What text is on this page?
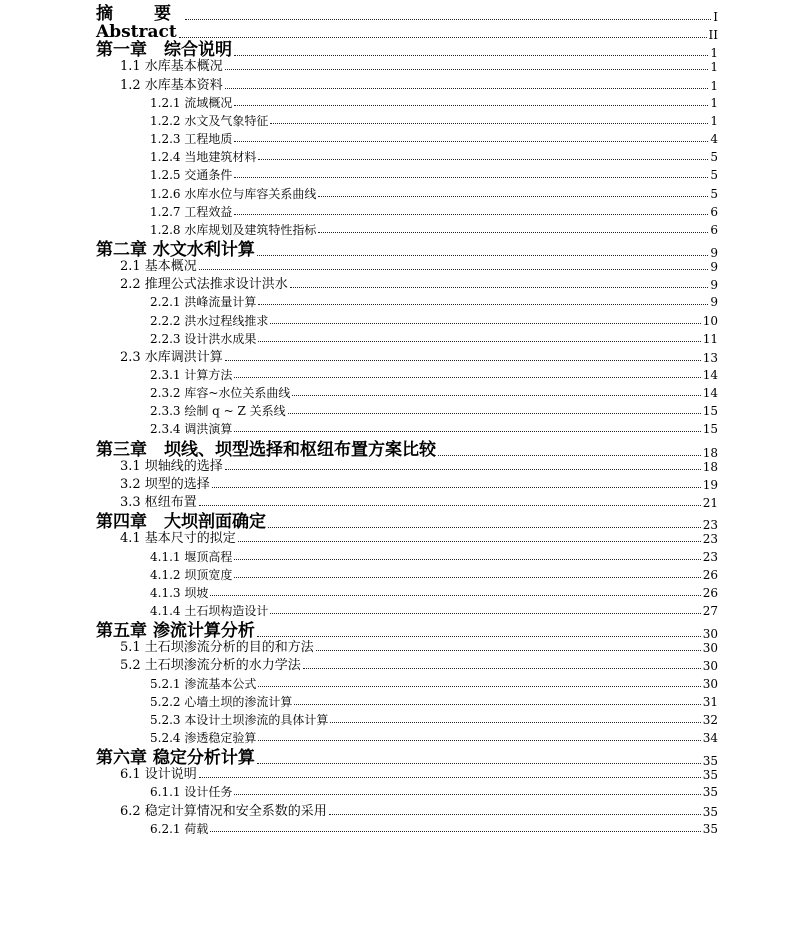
摘　要	I
Abstract	II
第一章　综合说明	1
1.1 水库基本概况	1
1.2 水库基本资料	1
1.2.1 流域概况	1
1.2.2 水文及气象特征	1
1.2.3 工程地质	4
1.2.4 当地建筑材料	5
1.2.5 交通条件	5
1.2.6 水库水位与库容关系曲线	5
1.2.7 工程效益	6
1.2.8 水库规划及建筑特性指标	6
第二章 水文水利计算	9
2.1 基本概况	9
2.2 推理公式法推求设计洪水	9
2.2.1 洪峰流量计算	9
2.2.2 洪水过程线推求	10
2.2.3 设计洪水成果	11
2.3 水库调洪计算	13
2.3.1 计算方法	14
2.3.2 库容~水位关系曲线	14
2.3.3 绘制 q ~ Z 关系线	15
2.3.4 调洪演算	15
第三章　坝线、坝型选择和枢纽布置方案比较	18
3.1 坝轴线的选择	18
3.2 坝型的选择	19
3.3 枢纽布置	21
第四章　大坝剖面确定	23
4.1 基本尺寸的拟定	23
4.1.1 堰顶高程	23
4.1.2 坝顶宽度	26
4.1.3 坝坡	26
4.1.4 土石坝构造设计	27
第五章 渗流计算分析	30
5.1 土石坝渗流分析的目的和方法	30
5.2 土石坝渗流分析的水力学法	30
5.2.1 渗流基本公式	30
5.2.2 心墙土坝的渗流计算	31
5.2.3 本设计土坝渗流的具体计算	32
5.2.4 渗透稳定验算	34
第六章 稳定分析计算	35
6.1 设计说明	35
6.1.1 设计任务	35
6.2 稳定计算情况和安全系数的采用	35
6.2.1 荷载	35
